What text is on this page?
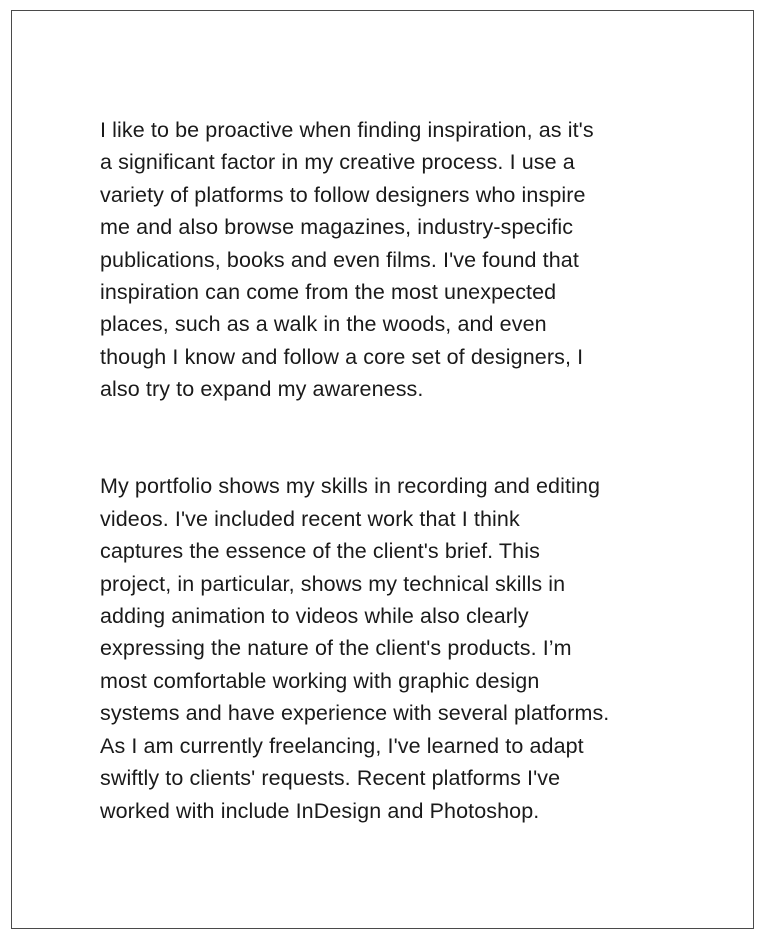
I like to be proactive when finding inspiration, as it's
a significant factor in my creative process. I use a
variety of platforms to follow designers who inspire
me and also browse magazines, industry-specific
publications, books and even films. I've found that
inspiration can come from the most unexpected
places, such as a walk in the woods, and even
though I know and follow a core set of designers, I
also try to expand my awareness.

My portfolio shows my skills in recording and editing
videos. I've included recent work that I think
captures the essence of the client's brief. This
project, in particular, shows my technical skills in
adding animation to videos while also clearly
expressing the nature of the client's products. I’m
most comfortable working with graphic design
systems and have experience with several platforms.
As I am currently freelancing, I've learned to adapt
swiftly to clients' requests. Recent platforms I've
worked with include InDesign and Photoshop.
